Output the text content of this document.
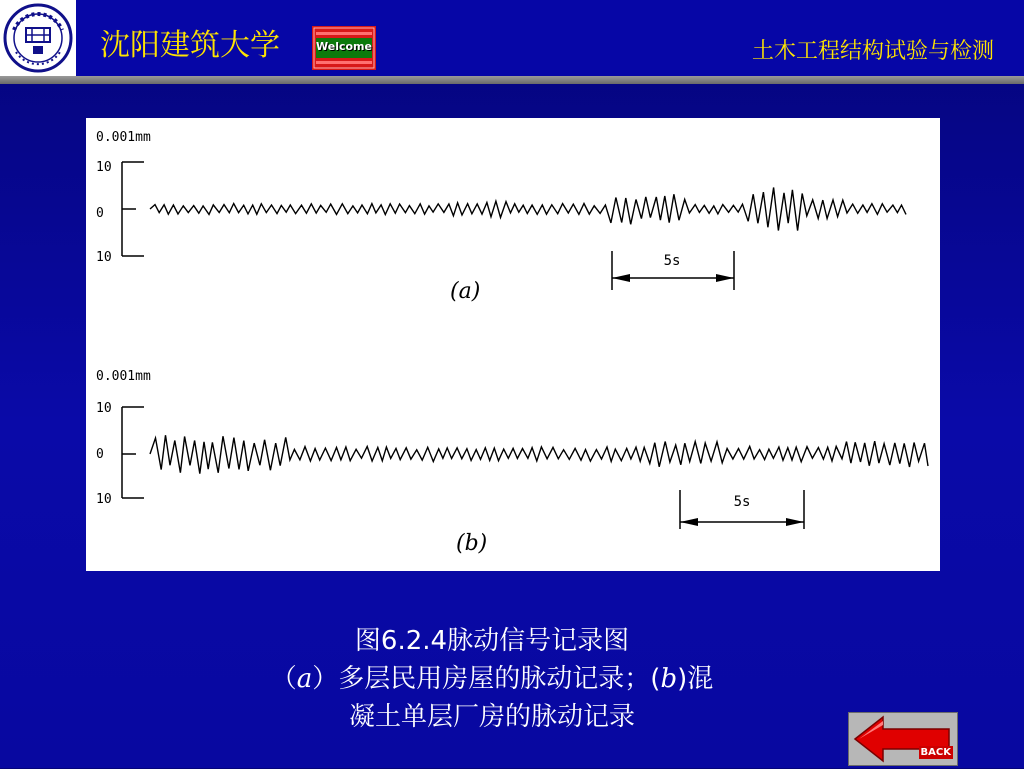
沈阳建筑大学	Welcome	土木工程结构试验与检测
0.001mm
10
0
10	5s
(a)
0.001mm
10
0
10	5s
(b)
图6.2.4脉动信号记录图
（a）多层民用房屋的脉动记录；(b)混
凝土单层厂房的脉动记录
BACK
